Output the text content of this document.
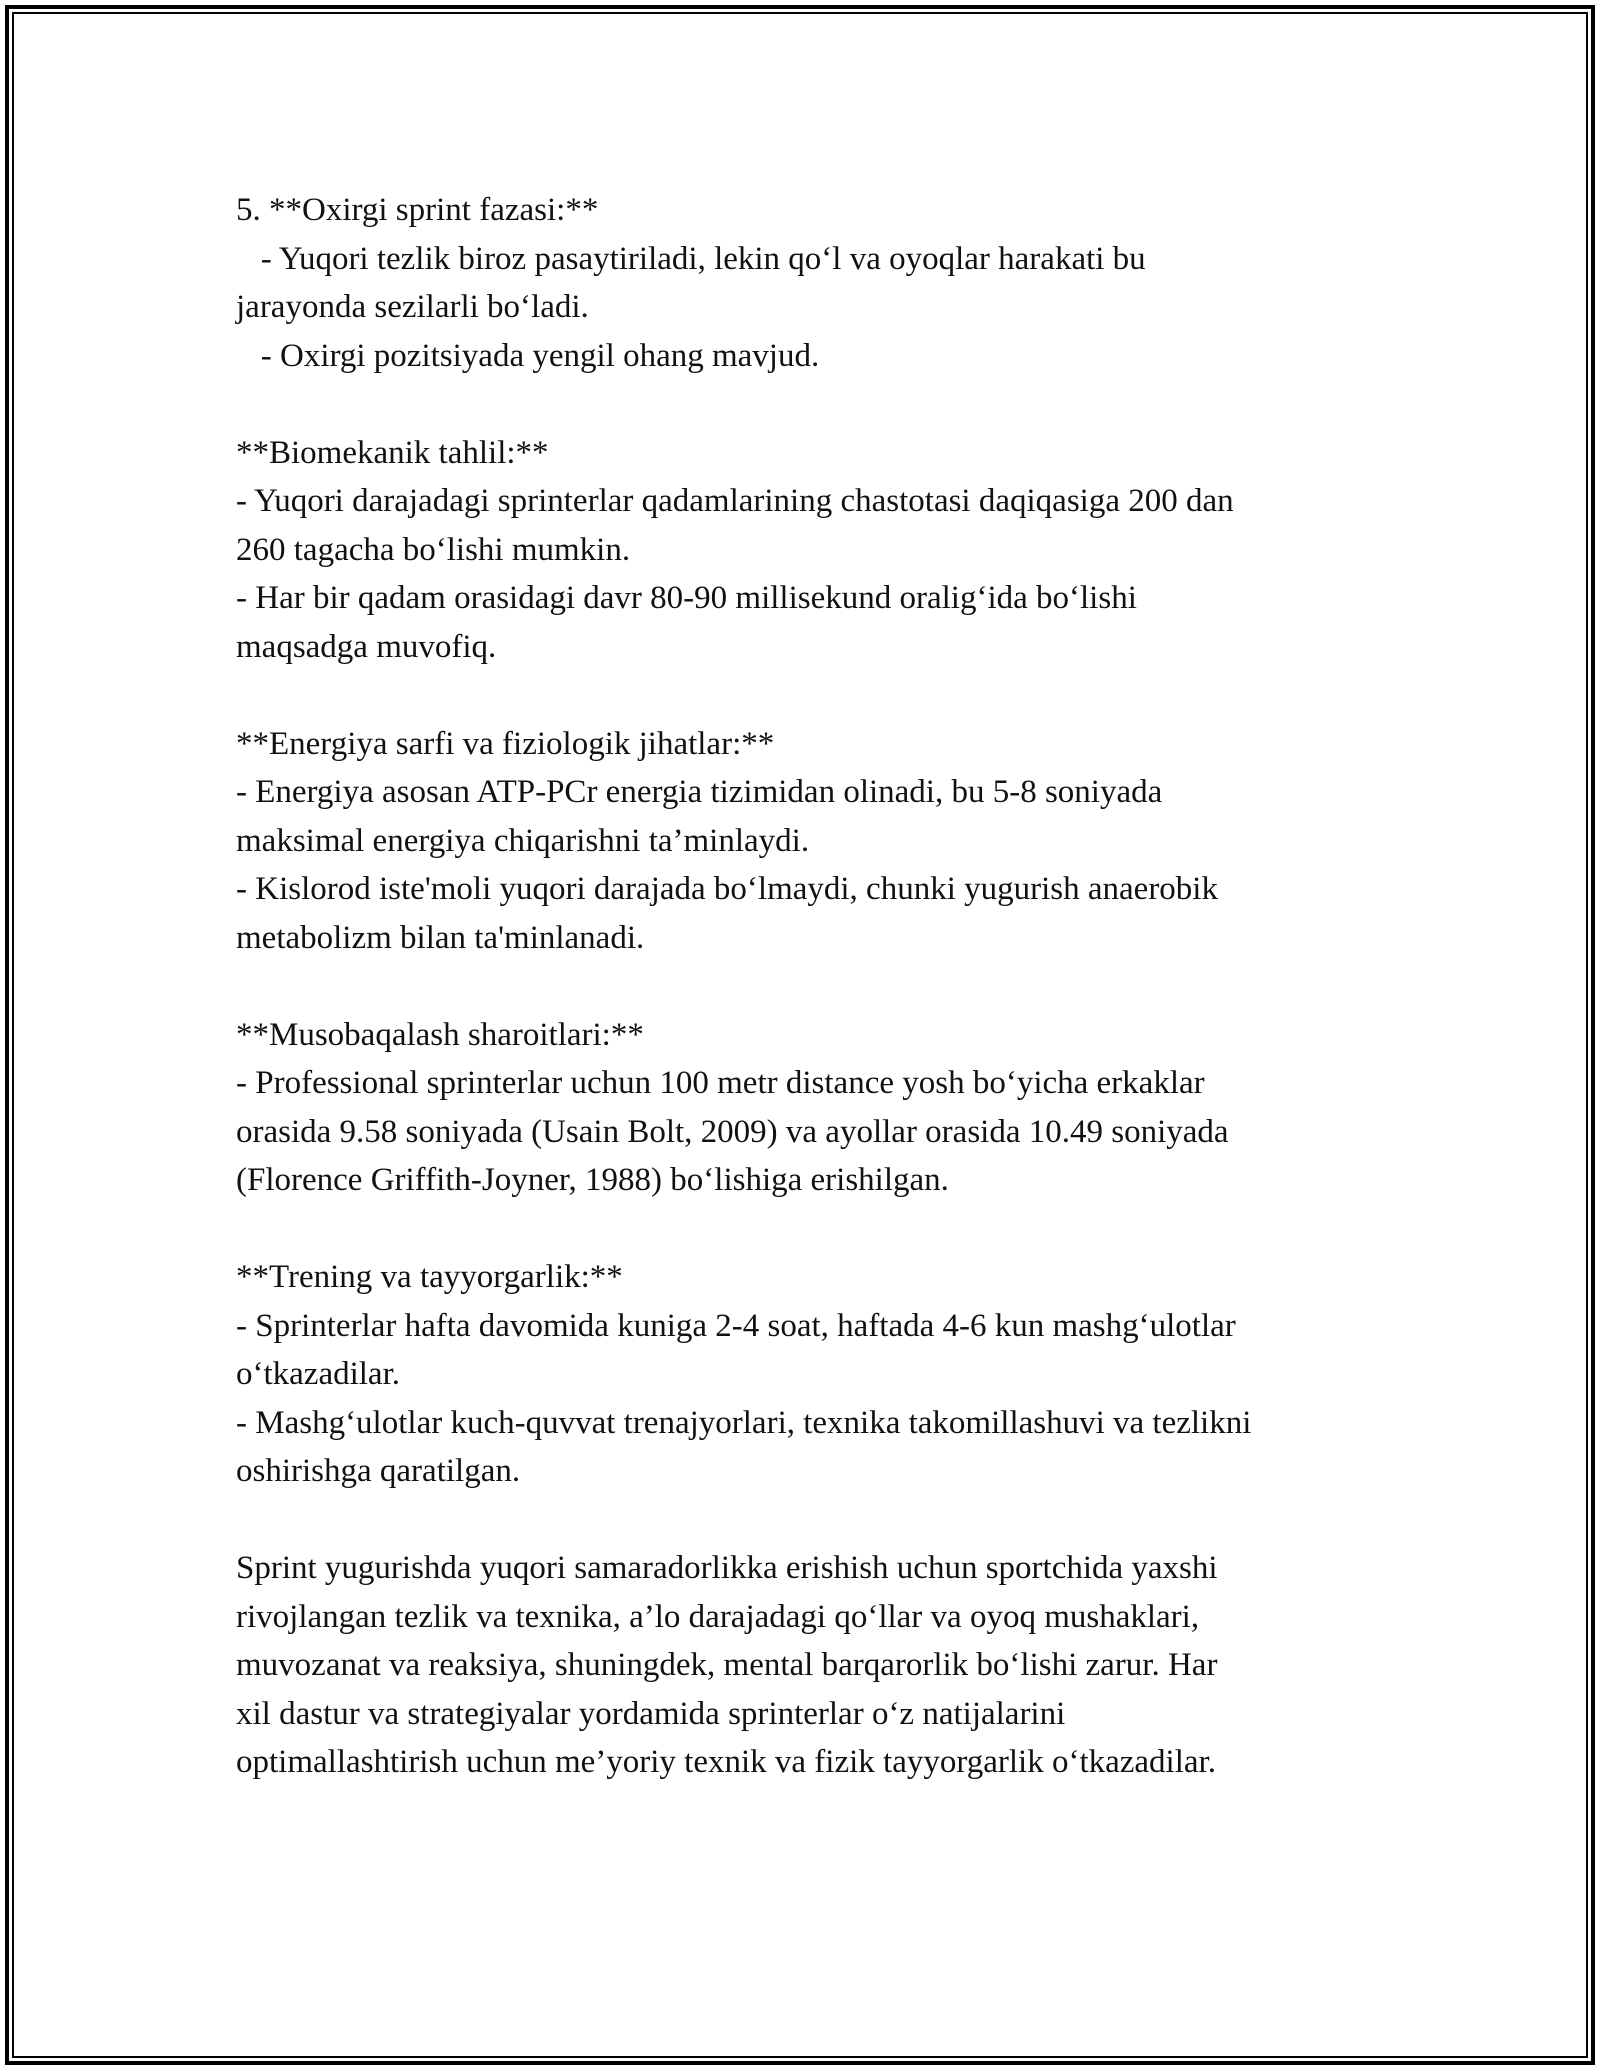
5. **Oxirgi sprint fazasi:**
- Yuqori tezlik biroz pasaytiriladi, lekin qo‘l va oyoqlar harakati bu
jarayonda sezilarli bo‘ladi.
- Oxirgi pozitsiyada yengil ohang mavjud.
**Biomekanik tahlil:**
- Yuqori darajadagi sprinterlar qadamlarining chastotasi daqiqasiga 200 dan
260 tagacha bo‘lishi mumkin.
- Har bir qadam orasidagi davr 80-90 millisekund oralig‘ida bo‘lishi
maqsadga muvofiq.
**Energiya sarfi va fiziologik jihatlar:**
- Energiya asosan ATP-PCr energia tizimidan olinadi, bu 5-8 soniyada
maksimal energiya chiqarishni ta’minlaydi.
- Kislorod iste'moli yuqori darajada bo‘lmaydi, chunki yugurish anaerobik
metabolizm bilan ta'minlanadi.
**Musobaqalash sharoitlari:**
- Professional sprinterlar uchun 100 metr distance yosh bo‘yicha erkaklar
orasida 9.58 soniyada (Usain Bolt, 2009) va ayollar orasida 10.49 soniyada
(Florence Griffith-Joyner, 1988) bo‘lishiga erishilgan.
**Trening va tayyorgarlik:**
- Sprinterlar hafta davomida kuniga 2-4 soat, haftada 4-6 kun mashg‘ulotlar
o‘tkazadilar.
- Mashg‘ulotlar kuch-quvvat trenajyorlari, texnika takomillashuvi va tezlikni
oshirishga qaratilgan.
Sprint yugurishda yuqori samaradorlikka erishish uchun sportchida yaxshi
rivojlangan tezlik va texnika, a’lo darajadagi qo‘llar va oyoq mushaklari,
muvozanat va reaksiya, shuningdek, mental barqarorlik bo‘lishi zarur. Har
xil dastur va strategiyalar yordamida sprinterlar o‘z natijalarini
optimallashtirish uchun me’yoriy texnik va fizik tayyorgarlik o‘tkazadilar.
